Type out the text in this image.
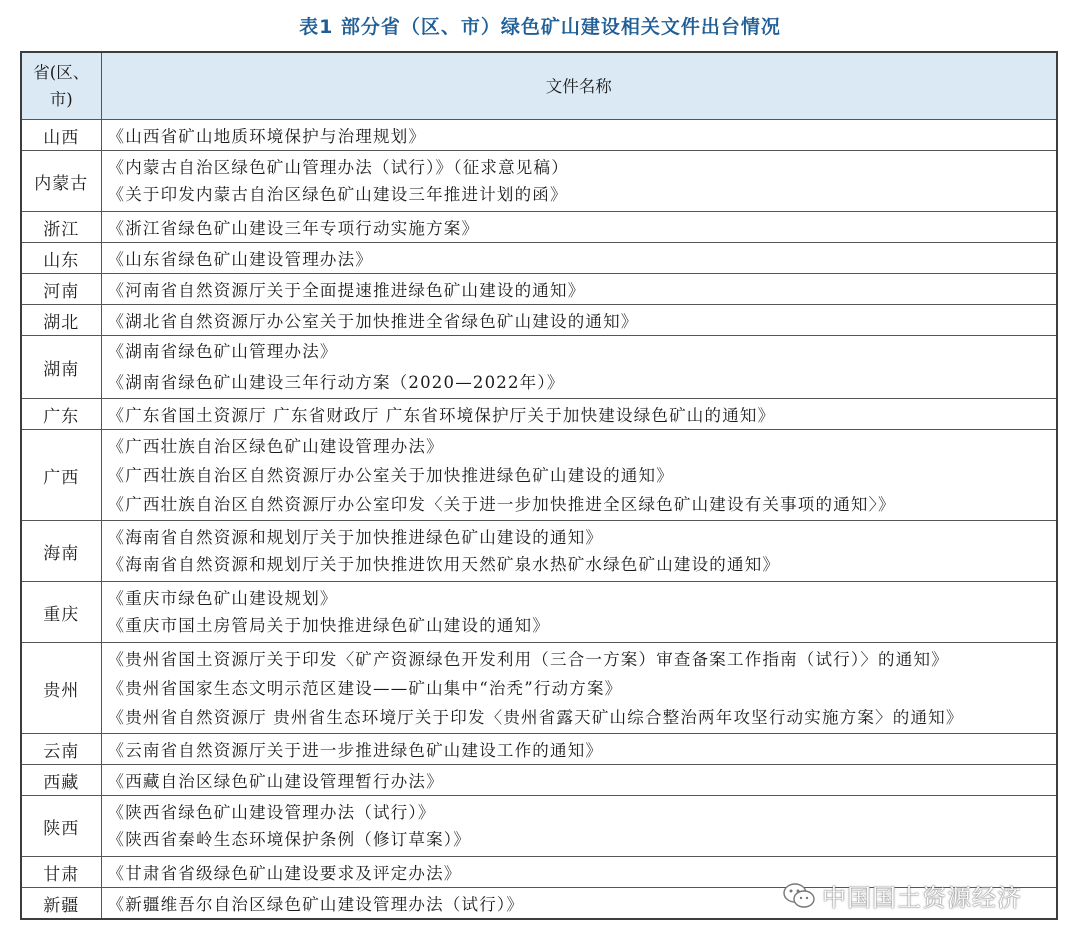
表1 部分省（区、市）绿色矿山建设相关文件出台情况
省(区、市)	文件名称
山西	《山西省矿山地质环境保护与治理规划》

内蒙古	《内蒙古自治区绿色矿山管理办法（试行）》（征求意见稿）
《关于印发内蒙古自治区绿色矿山建设三年推进计划的函》

浙江	《浙江省绿色矿山建设三年专项行动实施方案》

山东	《山东省绿色矿山建设管理办法》

河南	《河南省自然资源厅关于全面提速推进绿色矿山建设的通知》

湖北	《湖北省自然资源厅办公室关于加快推进全省绿色矿山建设的通知》

湖南	《湖南省绿色矿山管理办法》
《湖南省绿色矿山建设三年行动方案（2020—2022年）》

广东	《广东省国土资源厅 广东省财政厅 广东省环境保护厅关于加快建设绿色矿山的通知》

广西	《广西壮族自治区绿色矿山建设管理办法》
《广西壮族自治区自然资源厅办公室关于加快推进绿色矿山建设的通知》
《广西壮族自治区自然资源厅办公室印发〈关于进一步加快推进全区绿色矿山建设有关事项的通知〉》

海南	《海南省自然资源和规划厅关于加快推进绿色矿山建设的通知》
《海南省自然资源和规划厅关于加快推进饮用天然矿泉水热矿水绿色矿山建设的通知》

重庆	《重庆市绿色矿山建设规划》
《重庆市国土房管局关于加快推进绿色矿山建设的通知》

贵州	《贵州省国土资源厅关于印发〈矿产资源绿色开发利用（三合一方案）审查备案工作指南（试行）〉的通知》
《贵州省国家生态文明示范区建设——矿山集中“治秃”行动方案》
《贵州省自然资源厅 贵州省生态环境厅关于印发〈贵州省露天矿山综合整治两年攻坚行动实施方案〉的通知》

云南	《云南省自然资源厅关于进一步推进绿色矿山建设工作的通知》

西藏	《西藏自治区绿色矿山建设管理暂行办法》

陕西	《陕西省绿色矿山建设管理办法（试行）》
《陕西省秦岭生态环境保护条例（修订草案）》

甘肃	《甘肃省省级绿色矿山建设要求及评定办法》

新疆	《新疆维吾尔自治区绿色矿山建设管理办法（试行）》	中国国土资源经济
